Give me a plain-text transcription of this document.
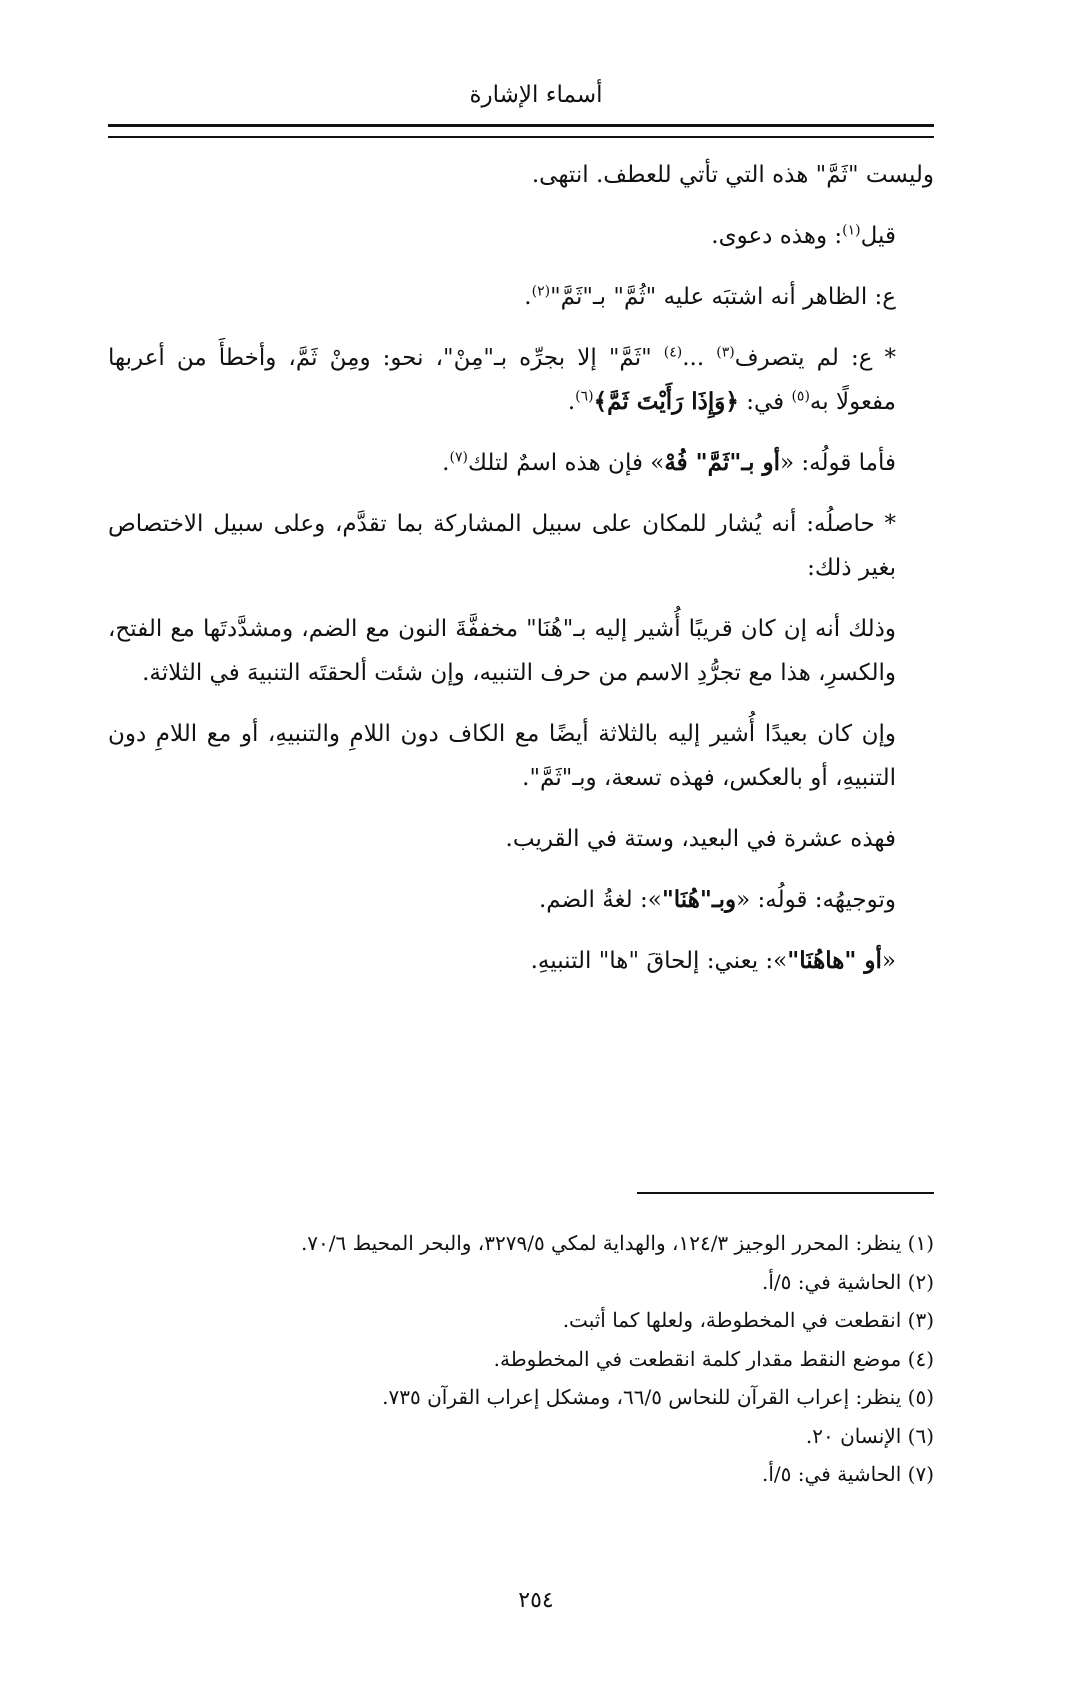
أسماء الإشارة
وليست "ثَمَّ" هذه التي تأتي للعطف. انتهى.
قيل$^{(١)}$: وهذه دعوى.
ع: الظاهر أنه اشتبَه عليه "ثُمَّ" بـ"ثَمَّ"$^{(٢)}$.
* ع: لم يتصرف$^{(٣)}$ ...$^{(٤)}$ "ثَمَّ" إلا بجرِّه بـ"مِنْ"، نحو: ومِنْ ثَمَّ، وأخطأَ من أعربها مفعولًا به$^{(٥)}$ في: ﴿وَإِذَا رَأَيْتَ ثَمَّ﴾$^{(٦)}$.
فأما قولُه: «أو بـ"ثَمَّ" فُهْ» فإن هذه اسمٌ لتلك$^{(٧)}$.
* حاصلُه: أنه يُشار للمكان على سبيل المشاركة بما تقدَّم، وعلى سبيل الاختصاص بغير ذلك:
وذلك أنه إن كان قريبًا أُشير إليه بـ"هُنَا" مخففَّةَ النون مع الضم، ومشدَّدتَها مع الفتح، والكسرِ، هذا مع تجرُّدِ الاسم من حرف التنبيه، وإن شئت ألحقتَه التنبيهَ في الثلاثة.
وإن كان بعيدًا أُشير إليه بالثلاثة أيضًا مع الكاف دون اللامِ والتنبيهِ، أو مع اللامِ دون التنبيهِ، أو بالعكس، فهذه تسعة، وبـ"ثَمَّ".
فهذه عشرة في البعيد، وستة في القريب.
وتوجيهُه: قولُه: «وبـ"هُنَا"»: لغةُ الضم.
«أو "هاهُنَا"»: يعني: إلحاقَ "ها" التنبيهِ.
(١) ينظر: المحرر الوجيز ١٢٤/٣، والهداية لمكي ٣٢٧٩/٥، والبحر المحيط ٧٠/٦.
(٢) الحاشية في: ٥/أ.
(٣) انقطعت في المخطوطة، ولعلها كما أثبت.
(٤) موضع النقط مقدار كلمة انقطعت في المخطوطة.
(٥) ينظر: إعراب القرآن للنحاس ٦٦/٥، ومشكل إعراب القرآن ٧٣٥.
(٦) الإنسان ٢٠.
(٧) الحاشية في: ٥/أ.
٢٥٤
